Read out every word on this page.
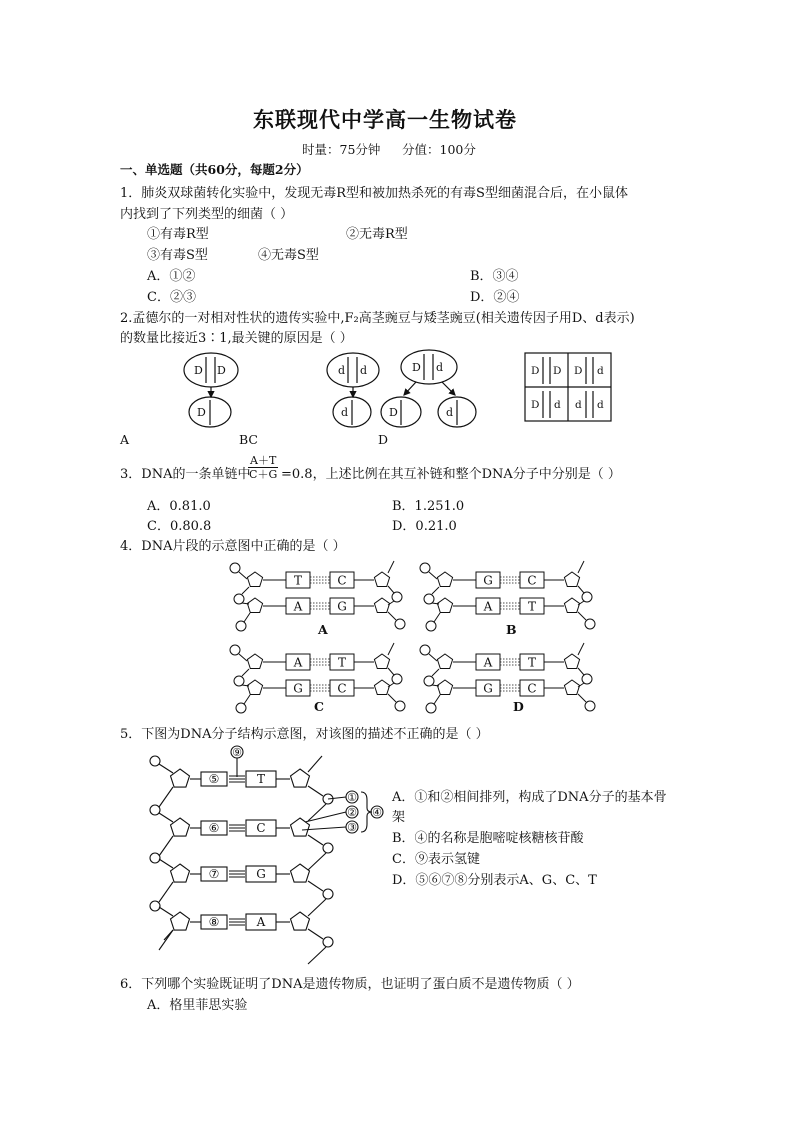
东联现代中学高一生物试卷
时量：75分钟 分值：100分
一、单选题（共60分，每题2分）
1．肺炎双球菌转化实验中，发现无毒R型和被加热杀死的有毒S型细菌混合后，在小鼠体
内找到了下列类型的细菌（ ）
①有毒R型	②无毒R型
③有毒S型	④无毒S型
A．①②	B．③④
C．②③	D．②④
2.孟德尔的一对相对性状的遗传实验中,F₂高茎豌豆与矮茎豌豆(相关遗传因子用D、d表示)
的数量比接近3∶1,最关键的原因是（ ）
D D
D
d d
d
D d
D	d
D D D d
D d d d
A	BC	D
3．DNA的一条单链中
$\frac{A+T}{C+G} =0.8$，上述比例在其互补链和整个DNA分子中分别是（ ）
A．0.81.0	B．1.251.0
C．0.80.8	D．0.21.0
4．DNA片段的示意图中正确的是（ ）
T	C
A	G
G	C
A	T
A	T
G	C
A	T
G	C
A	B
C	D
5．下图为DNA分子结构示意图，对该图的描述不正确的是（ ）
⑤	T
⑥	C
⑦	G
⑧	A
⑨
①
②
③
④
A．①和②相间排列，构成了DNA分子的基本骨
架
B．④的名称是胞嘧啶核糖核苷酸
C．⑨表示氢键
D．⑤⑥⑦⑧分别表示A、G、C、T
6．下列哪个实验既证明了DNA是遗传物质，也证明了蛋白质不是遗传物质（ ）
A．格里菲思实验
